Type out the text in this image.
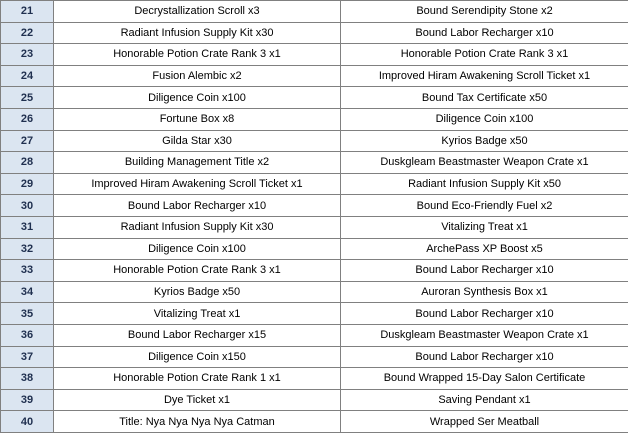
21	Decrystallization Scroll x3	Bound Serendipity Stone x2
22	Radiant Infusion Supply Kit x30	Bound Labor Recharger x10
23	Honorable Potion Crate Rank 3 x1	Honorable Potion Crate Rank 3 x1
24	Fusion Alembic x2	Improved Hiram Awakening Scroll Ticket x1
25	Diligence Coin x100	Bound Tax Certificate x50
26	Fortune Box x8	Diligence Coin x100
27	Gilda Star x30	Kyrios Badge x50
28	Building Management Title x2	Duskgleam Beastmaster Weapon Crate x1
29	Improved Hiram Awakening Scroll Ticket x1	Radiant Infusion Supply Kit x50
30	Bound Labor Recharger x10	Bound Eco-Friendly Fuel x2
31	Radiant Infusion Supply Kit x30	Vitalizing Treat x1
32	Diligence Coin x100	ArchePass XP Boost x5
33	Honorable Potion Crate Rank 3 x1	Bound Labor Recharger x10
34	Kyrios Badge x50	Auroran Synthesis Box x1
35	Vitalizing Treat x1	Bound Labor Recharger x10
36	Bound Labor Recharger x15	Duskgleam Beastmaster Weapon Crate x1
37	Diligence Coin x150	Bound Labor Recharger x10
38	Honorable Potion Crate Rank 1 x1	Bound Wrapped 15-Day Salon Certificate
39	Dye Ticket x1	Saving Pendant x1
40	Title: Nya Nya Nya Nya Catman	Wrapped Ser Meatball
